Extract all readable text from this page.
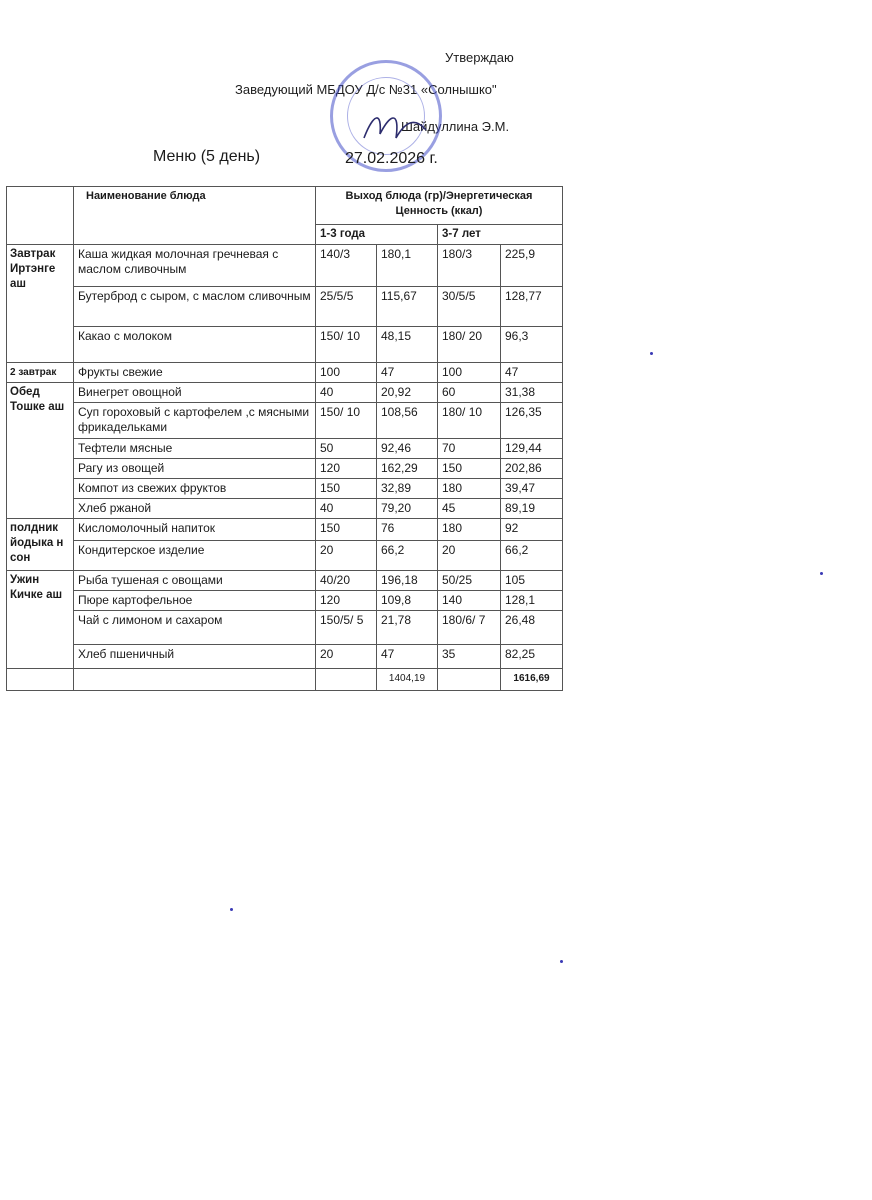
Утверждаю
Заведующий МБДОУ Д/с №31 «Солнышко"
Шайдуллина Э.М.
Меню (5 день)	27.02.2026 г.
	Наименование блюда	Выход блюда (гр)/Энергетическая Ценность (ккал)			
		1-3 года		3-7 лет	
Завтрак Иртэнге аш	Каша жидкая молочная гречневая с маслом сливочным	140/3	180,1	180/3	225,9
	Бутерброд с сыром, с маслом сливочным	25/5/5	115,67	30/5/5	128,77
	Какао с молоком	150/ 10	48,15	180/ 20	96,3
2 завтрак	Фрукты свежие	100	47	100	47
Обед Тошке аш	Винегрет овощной	40	20,92	60	31,38
	Суп гороховый с картофелем ,с мясными фрикадельками	150/ 10	108,56	180/ 10	126,35
	Тефтели мясные	50	92,46	70	129,44
	Рагу из овощей	120	162,29	150	202,86
	Компот из свежих фруктов	150	32,89	180	39,47
	Хлеб ржаной	40	79,20	45	89,19
полдник йодыка н сон	Кисломолочный напиток	150	76	180	92
	Кондитерское изделие	20	66,2	20	66,2
Ужин Кичке аш	Рыба тушеная с овощами	40/20	196,18	50/25	105
	Пюре картофельное	120	109,8	140	128,1
	Чай с лимоном и сахаром	150/5/ 5	21,78	180/6/ 7	26,48
	Хлеб пшеничный	20	47	35	82,25
			1404,19		1616,69
